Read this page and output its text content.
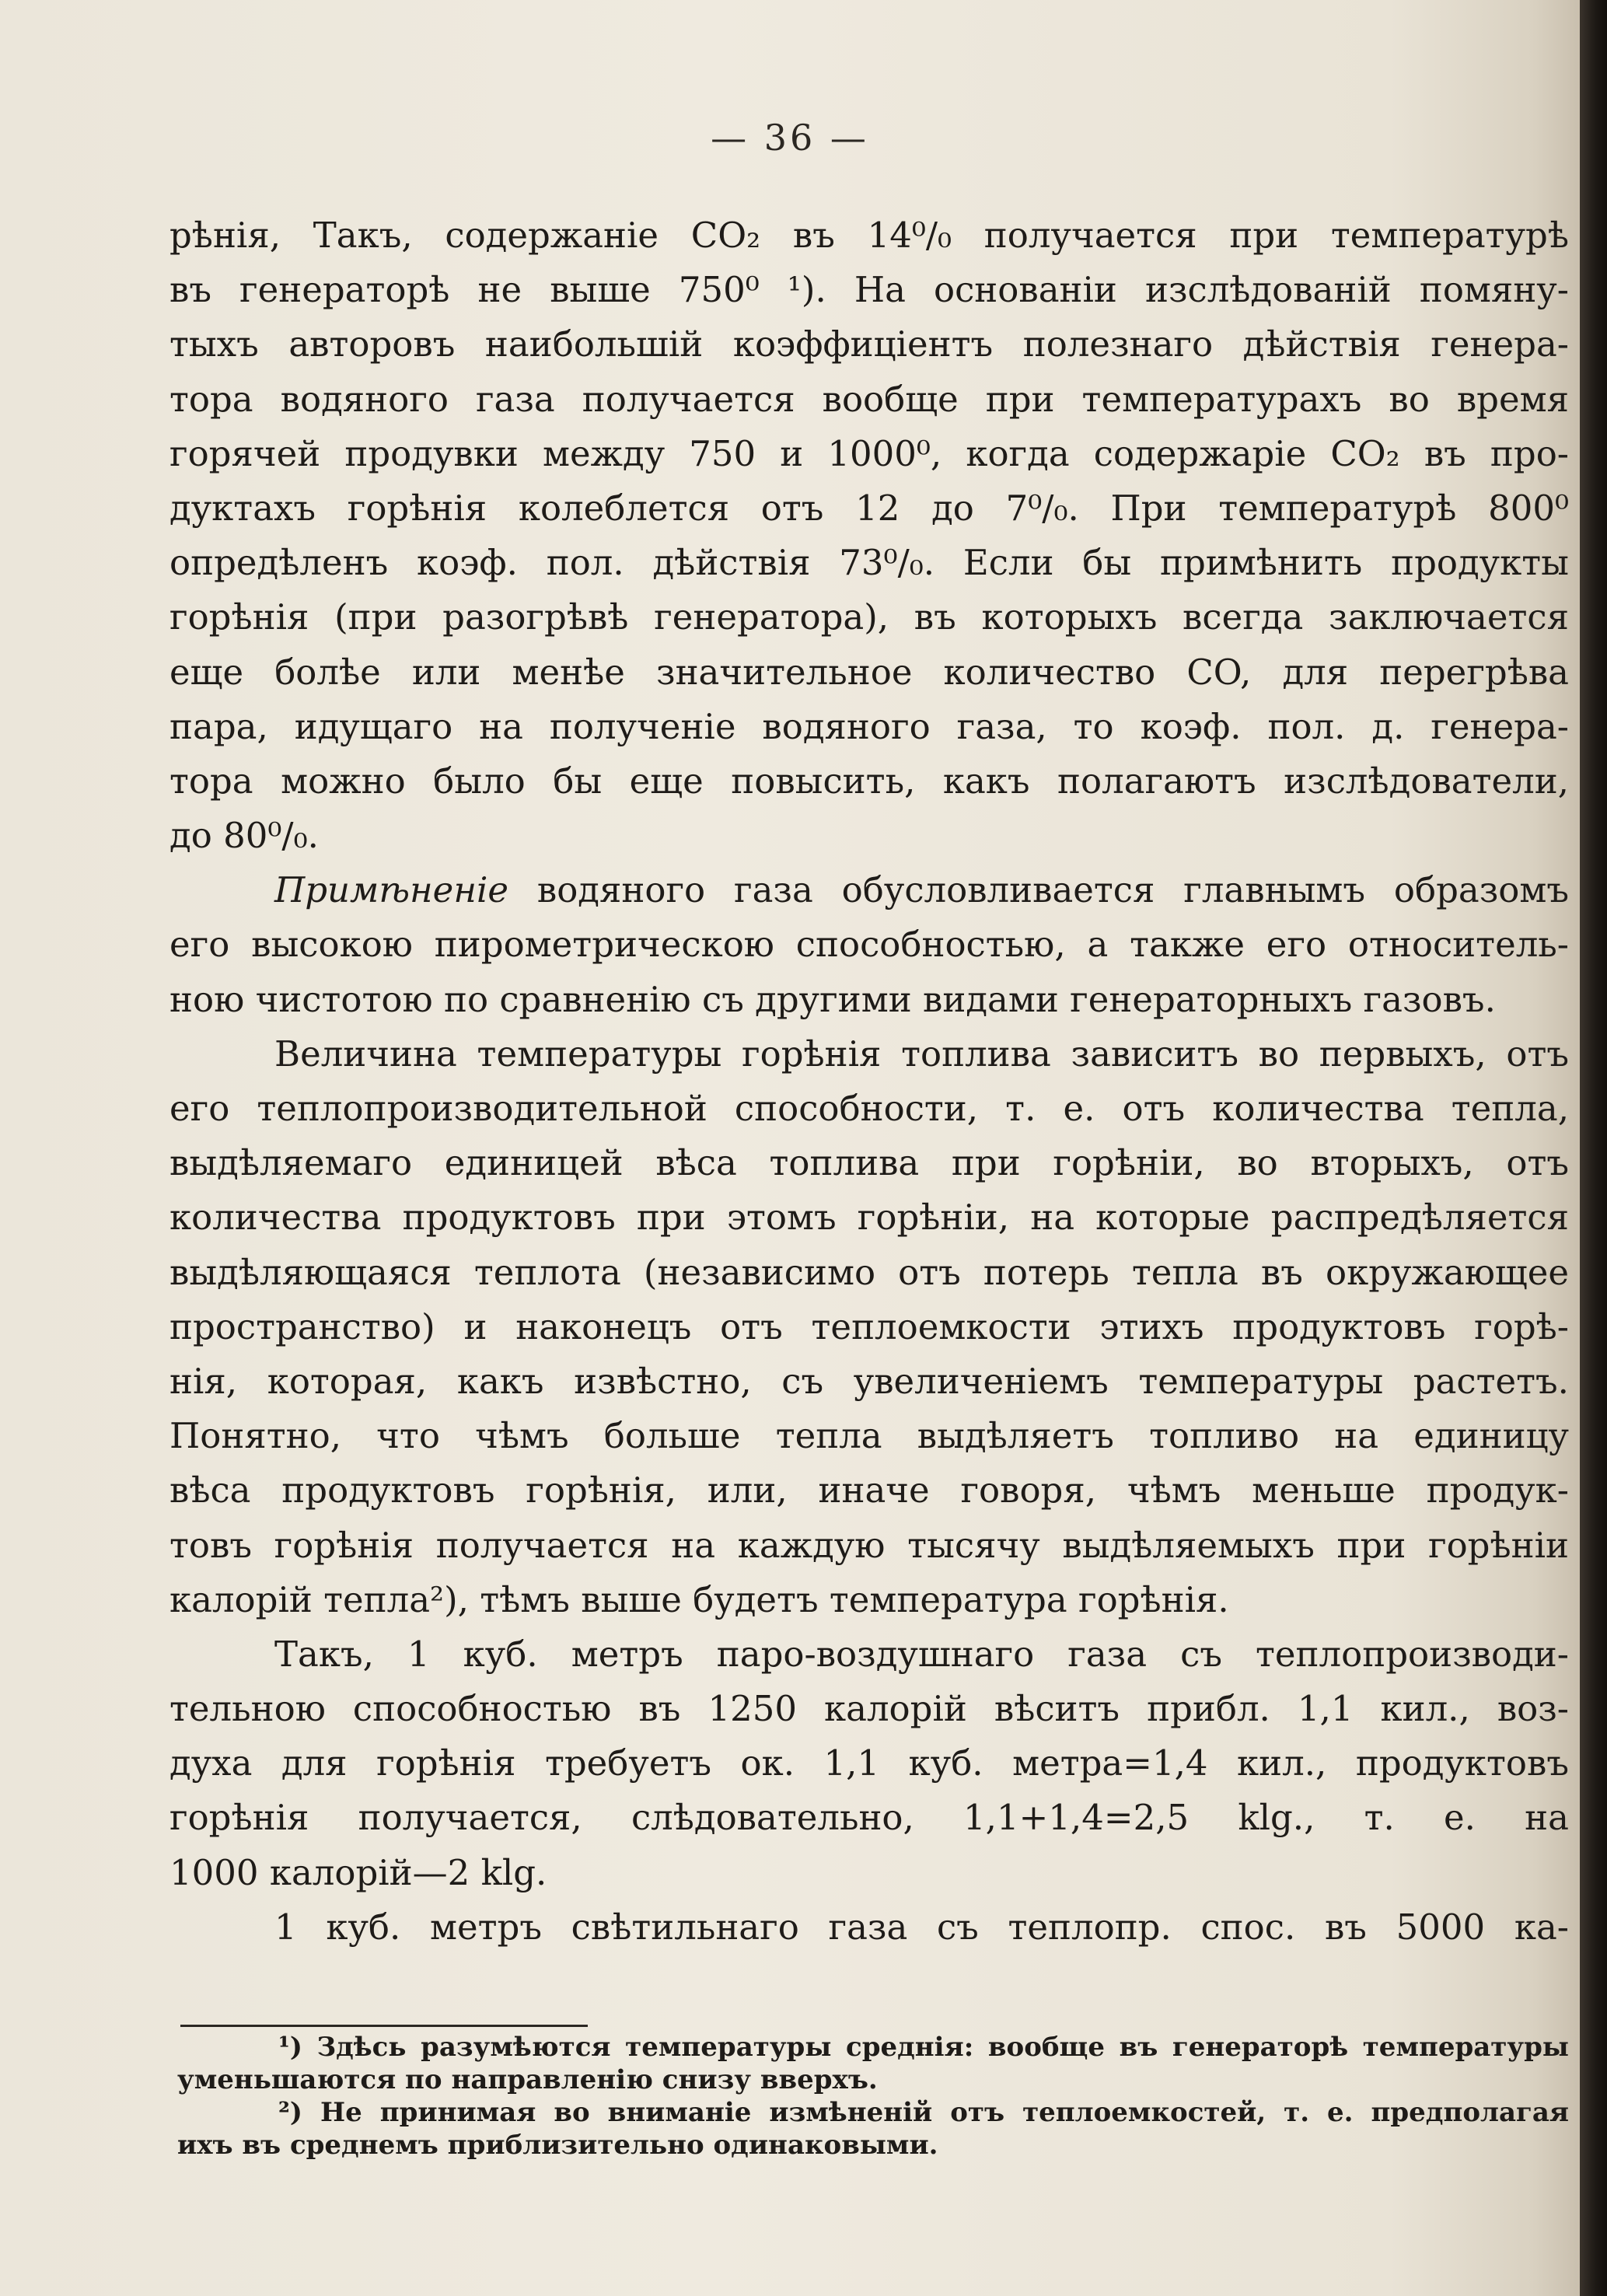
— 36 —
рѣнія, Такъ, содержаніе CO₂ въ 14⁰/₀ получается при температурѣ
въ генераторѣ не выше 750⁰ ¹). На основаніи изслѣдованій помяну-
тыхъ авторовъ наибольшій коэффиціентъ полезнаго дѣйствія генера-
тора водяного газа получается вообще при температурахъ во время
горячей продувки между 750 и 1000⁰, когда содержаріе CO₂ въ про-
дуктахъ горѣнія колеблется отъ 12 до 7⁰/₀. При температурѣ 800⁰
опредѣленъ коэф. пол. дѣйствія 73⁰/₀. Если бы примѣнить продукты
горѣнія (при разогрѣвѣ генератора), въ которыхъ всегда заключается
еще болѣе или менѣе значительное количество CO, для перегрѣва
пара, идущаго на полученіе водяного газа, то коэф. пол. д. генера-
тора можно было бы еще повысить, какъ полагаютъ изслѣдователи,
до 80⁰/₀.
Примѣненіе водяного газа обусловливается главнымъ образомъ
его высокою пирометрическою способностью, а также его относитель-
ною чистотою по сравненію съ другими видами генераторныхъ газовъ.
Величина температуры горѣнія топлива зависитъ во первыхъ, отъ
его теплопроизводительной способности, т. е. отъ количества тепла,
выдѣляемаго единицей вѣса топлива при горѣніи, во вторыхъ, отъ
количества продуктовъ при этомъ горѣніи, на которые распредѣляется
выдѣляющаяся теплота (независимо отъ потерь тепла въ окружающее
пространство) и наконецъ отъ теплоемкости этихъ продуктовъ горѣ-
нія, которая, какъ извѣстно, съ увеличеніемъ температуры растетъ.
Понятно, что чѣмъ больше тепла выдѣляетъ топливо на единицу
вѣса продуктовъ горѣнія, или, иначе говоря, чѣмъ меньше продук-
товъ горѣнія получается на каждую тысячу выдѣляемыхъ при горѣніи
калорій тепла²), тѣмъ выше будетъ температура горѣнія.
Такъ, 1 куб. метръ паро-воздушнаго газа съ теплопроизводи-
тельною способностью въ 1250 калорій вѣситъ прибл. 1,1 кил., воз-
духа для горѣнія требуетъ ок. 1,1 куб. метра=1,4 кил., продуктовъ
горѣнія получается, слѣдовательно, 1,1+1,4=2,5 klg., т. е. на
1000 калорій—2 klg.
1 куб. метръ свѣтильнаго газа съ теплопр. спос. въ 5000 ка-
¹) Здѣсь разумѣются температуры среднія: вообще въ генераторѣ температуры
уменьшаются по направленію снизу вверхъ.
²) Не принимая во вниманіе измѣненій отъ теплоемкостей, т. е. предполагая
ихъ въ среднемъ приблизительно одинаковыми.
